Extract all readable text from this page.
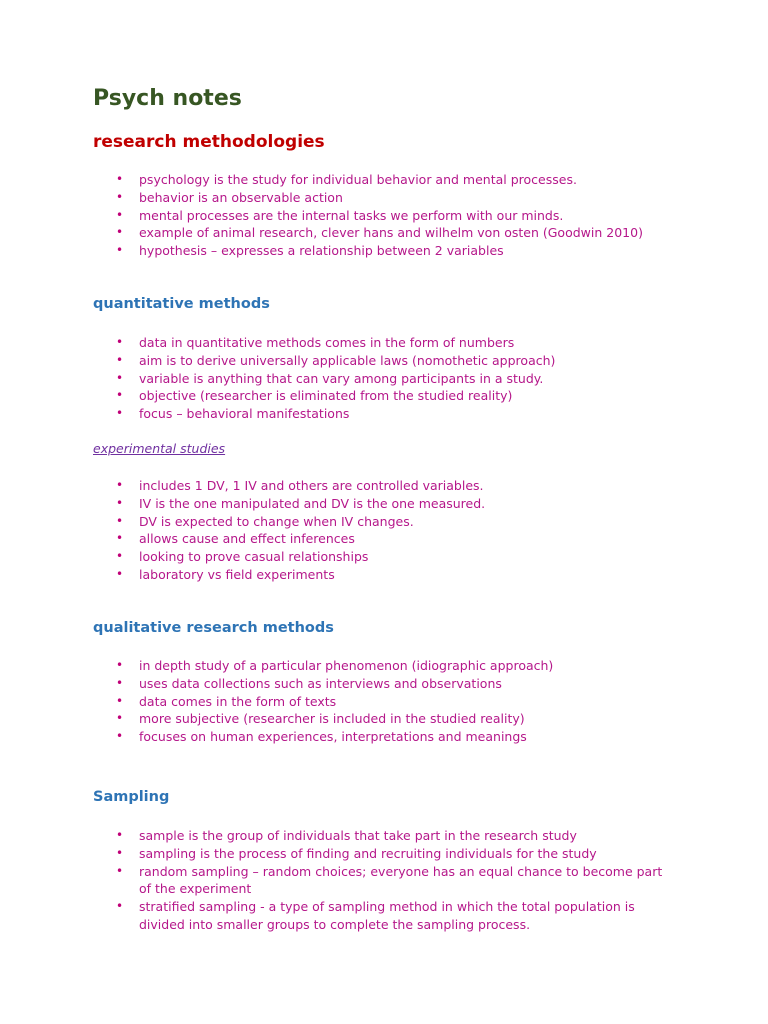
Psych notes
research methodologies
• psychology is the study for individual behavior and mental processes.
• behavior is an observable action
• mental processes are the internal tasks we perform with our minds.
• example of animal research, clever hans and wilhelm von osten (Goodwin 2010)
• hypothesis – expresses a relationship between 2 variables
quantitative methods
• data in quantitative methods comes in the form of numbers
• aim is to derive universally applicable laws (nomothetic approach)
• variable is anything that can vary among participants in a study.
• objective (researcher is eliminated from the studied reality)
• focus – behavioral manifestations

experimental studies

• includes 1 DV, 1 IV and others are controlled variables.
• IV is the one manipulated and DV is the one measured.
• DV is expected to change when IV changes.
• allows cause and effect inferences
• looking to prove casual relationships
• laboratory vs field experiments
qualitative research methods
• in depth study of a particular phenomenon (idiographic approach)
• uses data collections such as interviews and observations
• data comes in the form of texts
• more subjective (researcher is included in the studied reality)
• focuses on human experiences, interpretations and meanings
Sampling
• sample is the group of individuals that take part in the research study
• sampling is the process of finding and recruiting individuals for the study
• random sampling – random choices; everyone has an equal chance to become part of the experiment
• stratified sampling - a type of sampling method in which the total population is divided into smaller groups to complete the sampling process.
